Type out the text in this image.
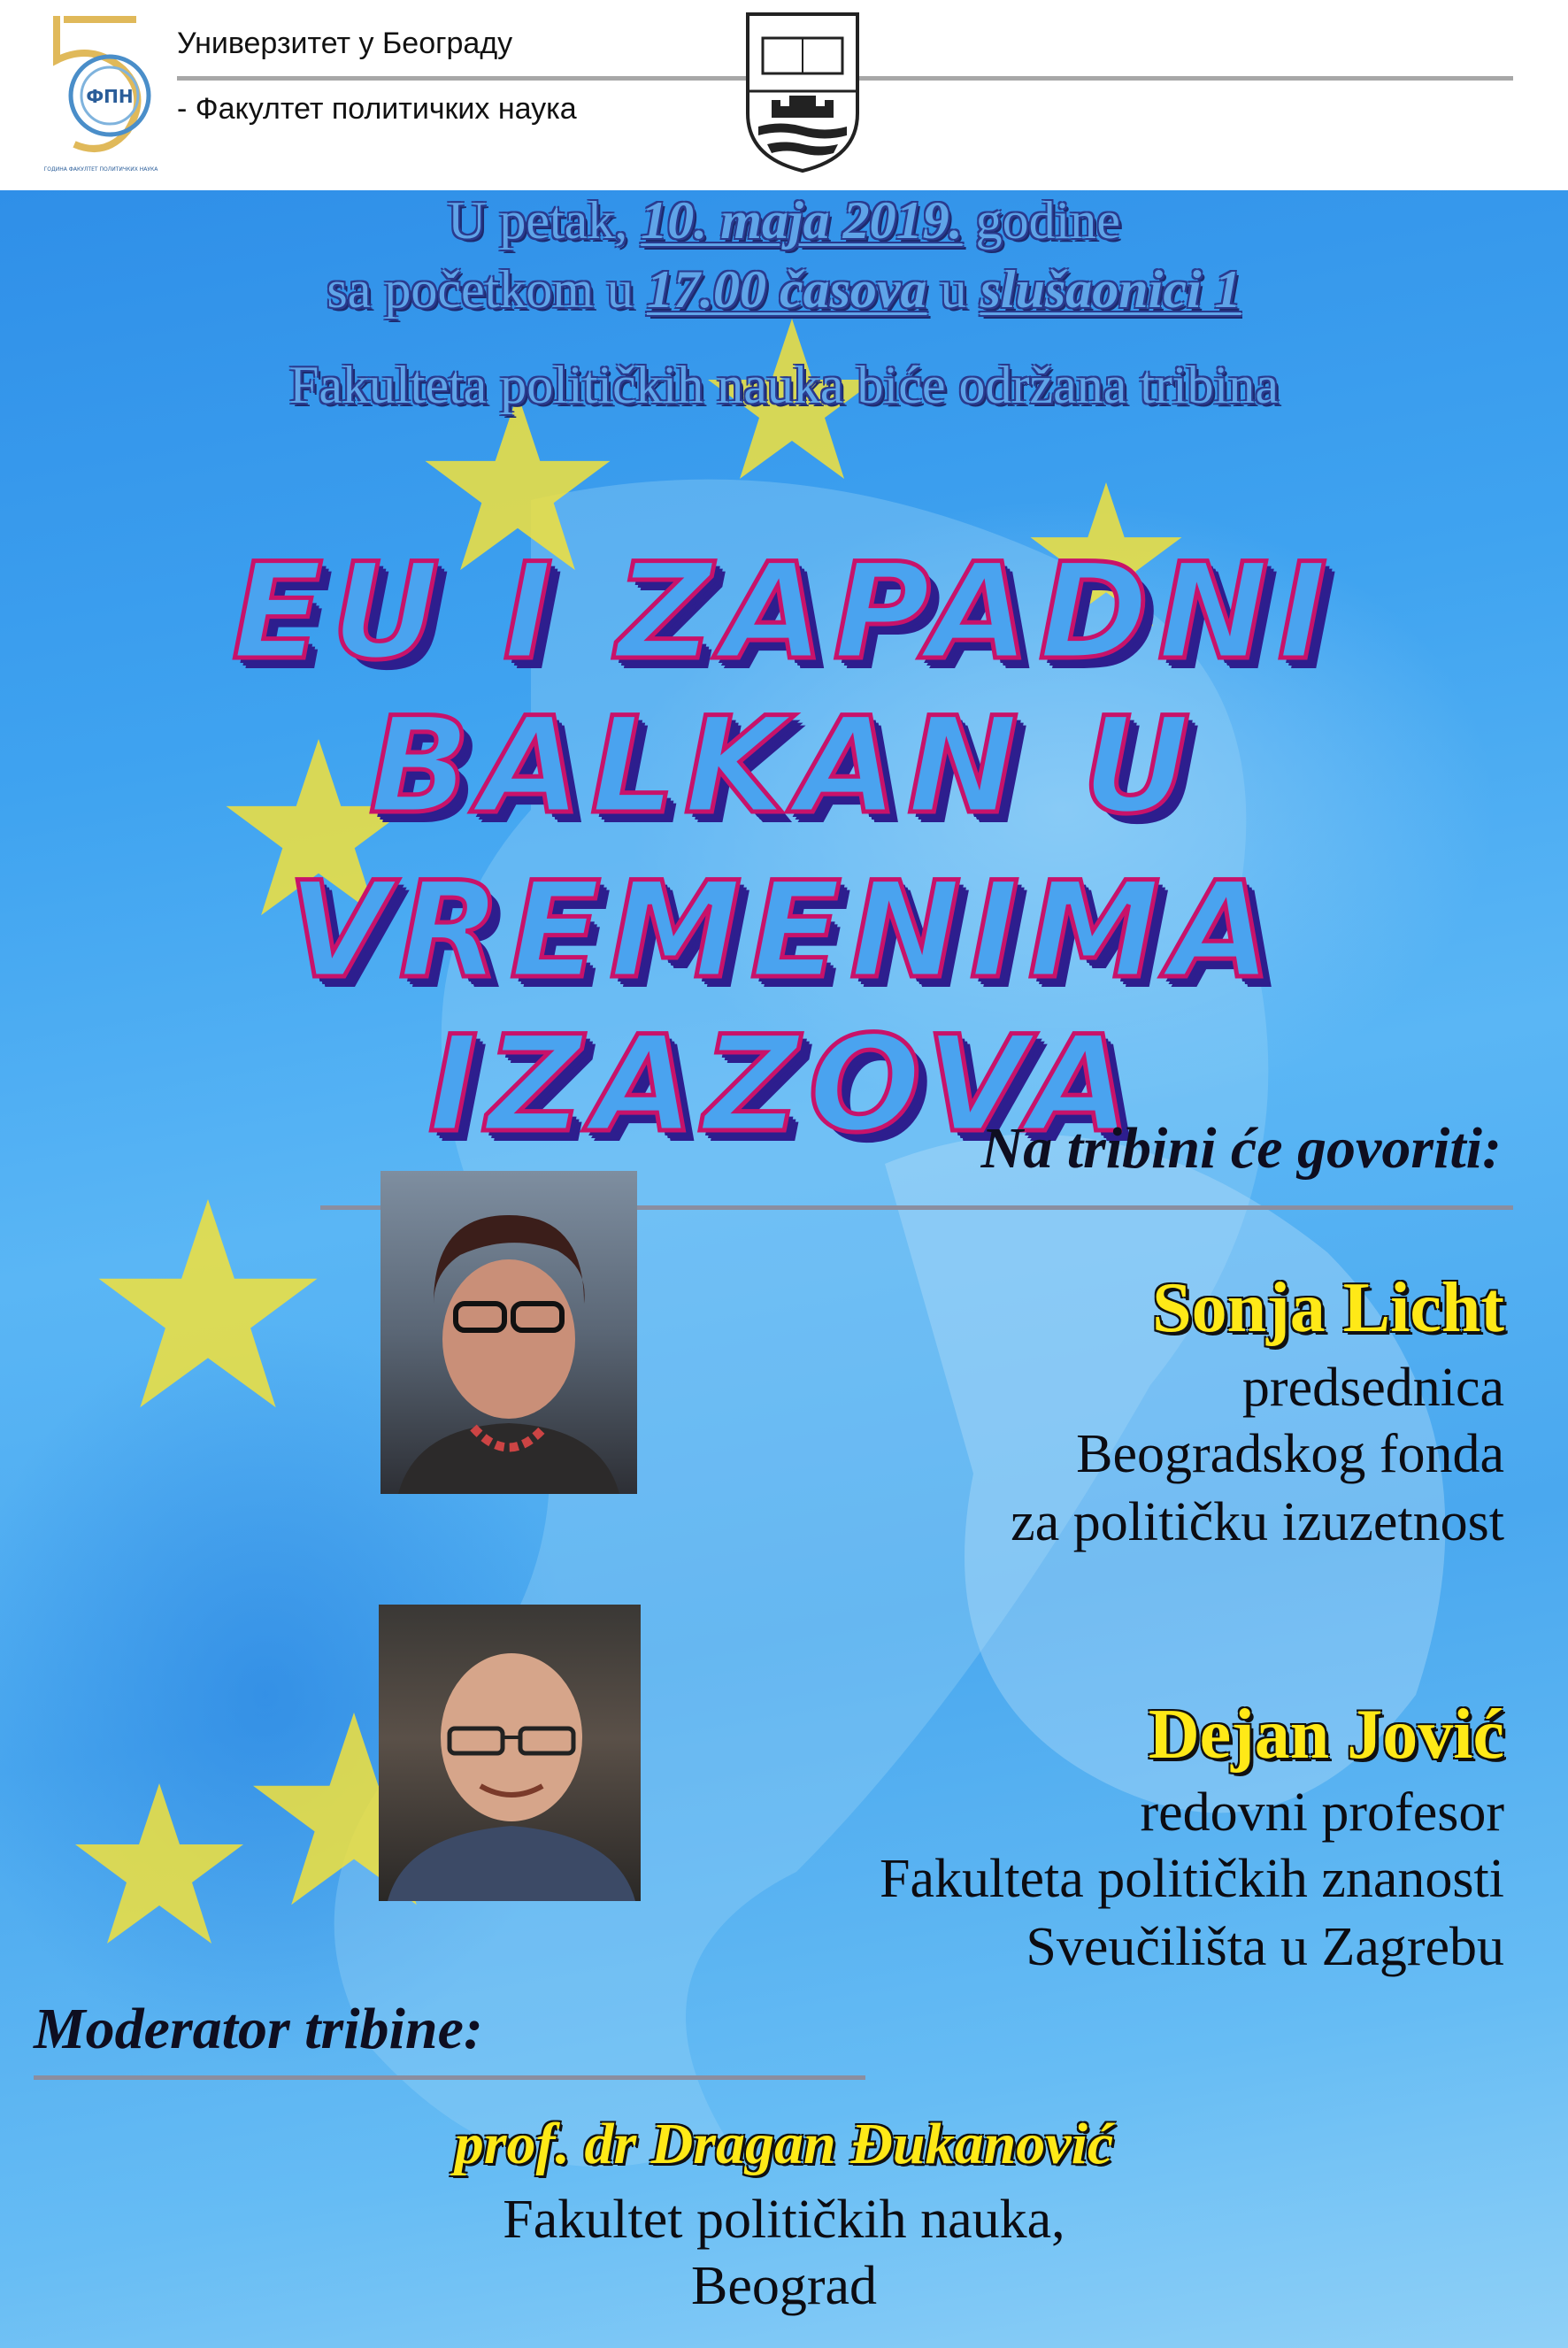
ФПН
ГОДИНА ФАКУЛТЕТ ПОЛИТИЧКИХ НАУКА
Универзитет у Београду
- Факултет политичких наука
U petak, 10. maja 2019. godine
sa početkom u 17.00 časova u slušaonici 1
Fakulteta političkih nauka biće održana tribina
EU I ZAPADNI BALKAN U
VREMENIMA IZAZOVA
Na tribini će govoriti:
Sonja Licht
predsednica
Beogradskog fonda
za političku izuzetnost
Dejan Jović
redovni profesor
Fakulteta političkih znanosti
Sveučilišta u Zagrebu
Moderator tribine:
prof. dr Dragan Đukanović
Fakultet političkih nauka,
Beograd
